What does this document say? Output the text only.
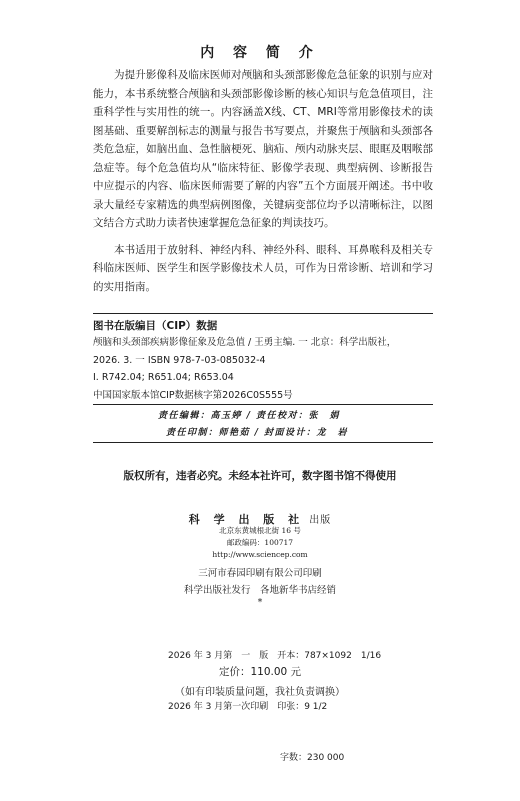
内 容 简 介

为提升影像科及临床医师对颅脑和头颈部影像危急征象的识别与应对能力，本书系统整合颅脑和头颈部影像诊断的核心知识与危急值项目，注重科学性与实用性的统一。内容涵盖X线、CT、MRI等常用影像技术的读图基础、重要解剖标志的测量与报告书写要点，并聚焦于颅脑和头颈部各类危急症，如脑出血、急性脑梗死、脑疝、颅内动脉夹层、眼眶及咽喉部急症等。每个危急值均从“临床特征、影像学表现、典型病例、诊断报告中应提示的内容、临床医师需要了解的内容”五个方面展开阐述。书中收录大量经专家精选的典型病例图像，关键病变部位均予以清晰标注，以图文结合方式助力读者快速掌握危急征象的判读技巧。

本书适用于放射科、神经内科、神经外科、眼科、耳鼻喉科及相关专科临床医师、医学生和医学影像技术人员，可作为日常诊断、培训和学习的实用指南。

图书在版编目（CIP）数据
颅脑和头颈部疾病影像征象及危急值 / 王勇主编. 一 北京：科学出版社，
2026. 3. 一 ISBN 978-7-03-085032-4
Ⅰ. R742.04; R651.04; R653.04
中国国家版本馆CIP数据核字第2026C0S555号
责任编辑：高玉婷 / 责任校对：张　娟
责任印制：师艳茹 / 封面设计：龙　岩
版权所有，违者必究。未经本社许可，数字图书馆不得使用
科 学 出 版 社 出版
北京东黄城根北街 16 号
邮政编码：100717
http://www.sciencep.com
三河市春园印刷有限公司印刷
科学出版社发行　各地新华书店经销
*

2026 年 3 月第　一　版　开本：787×1092　1/16

2026 年 3 月第一次印刷　印张：9 1/2

字数：230 000

定价：110.00 元
（如有印装质量问题，我社负责调换）
